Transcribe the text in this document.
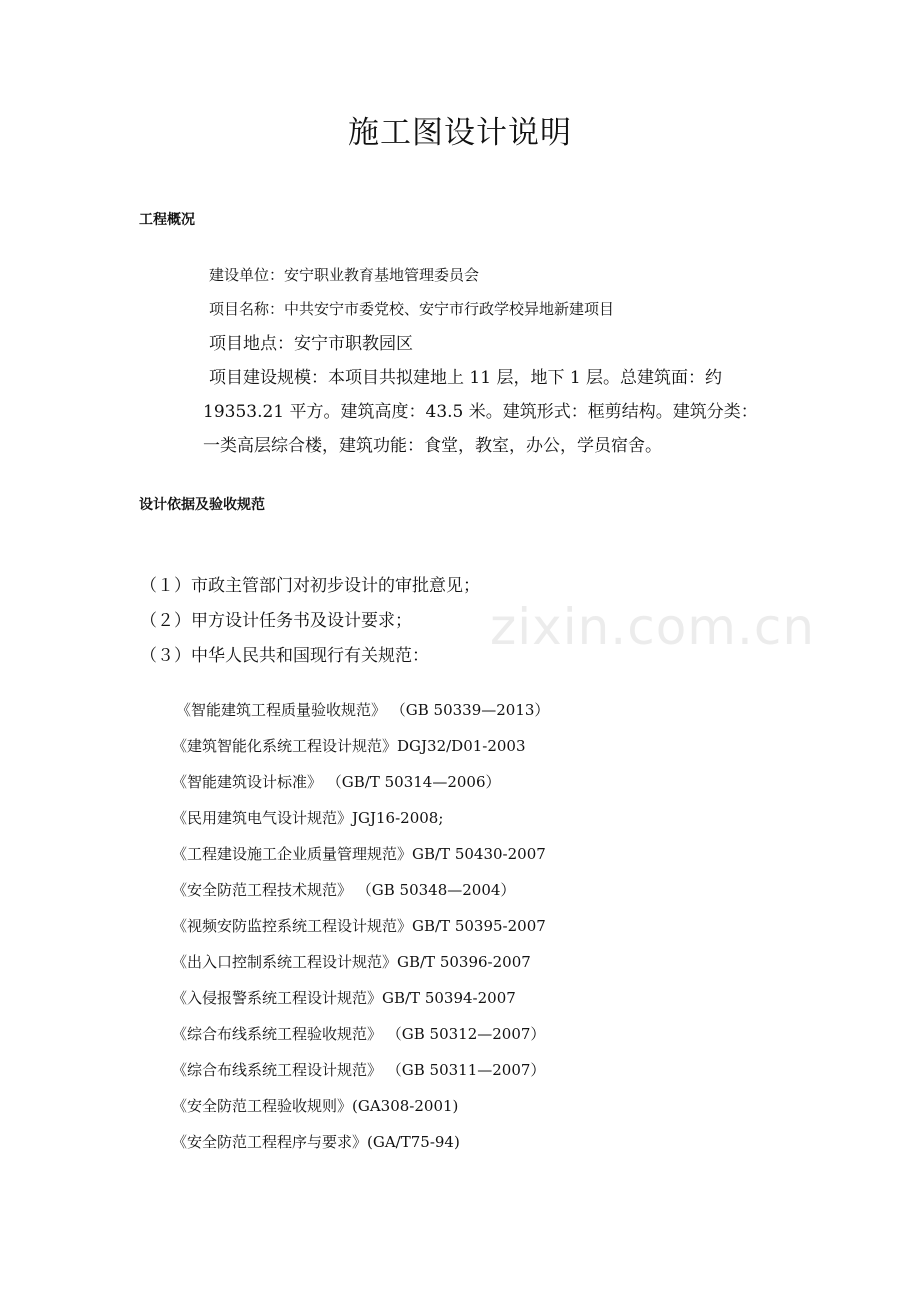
施工图设计说明
工程概况
建设单位：安宁职业教育基地管理委员会
项目名称：中共安宁市委党校、安宁市行政学校异地新建项目
项目地点：安宁市职教园区
项目建设规模：本项目共拟建地上 11 层，地下 1 层。总建筑面：约
19353.21 平方。建筑高度：43.5 米。建筑形式：框剪结构。建筑分类：
一类高层综合楼，建筑功能：食堂，教室，办公，学员宿舍。
设计依据及验收规范
（１）市政主管部门对初步设计的审批意见；
（２）甲方设计任务书及设计要求；
（３）中华人民共和国现行有关规范：
《智能建筑工程质量验收规范》 （GB 50339—2013）
《建筑智能化系统工程设计规范》DGJ32/D01-2003
《智能建筑设计标准》 （GB/T 50314—2006）
《民用建筑电气设计规范》JGJ16-2008;
《工程建设施工企业质量管理规范》GB/T 50430-2007
《安全防范工程技术规范》 （GB 50348—2004）
《视频安防监控系统工程设计规范》GB/T 50395-2007
《出入口控制系统工程设计规范》GB/T 50396-2007
《入侵报警系统工程设计规范》GB/T 50394-2007
《综合布线系统工程验收规范》 （GB 50312—2007）
《综合布线系统工程设计规范》 （GB 50311—2007）
《安全防范工程验收规则》(GA308-2001)
《安全防范工程程序与要求》(GA/T75-94)
zixin.com.cn
